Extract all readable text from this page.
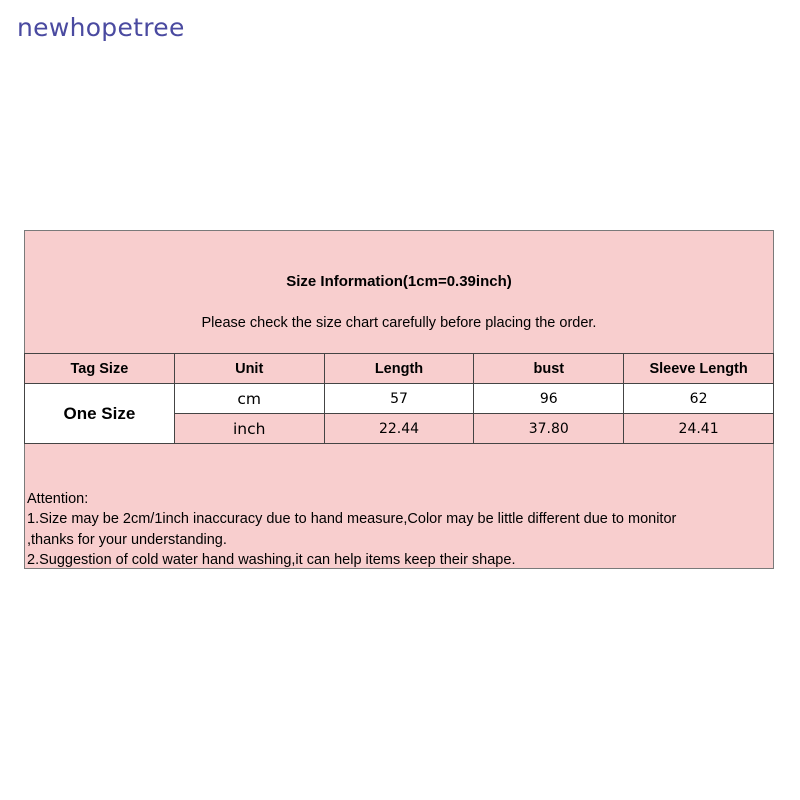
newhopetree
Size Information(1cm=0.39inch)
Please check the size chart carefully before placing the order.
Tag Size	Unit	Length	bust	Sleeve Length
One Size	cm	57	96	62
	inch	22.44	37.80	24.41
Attention:
1.Size may be 2cm/1inch inaccuracy due to hand measure,Color may be little different due to monitor
,thanks for your understanding.
2.Suggestion of cold water hand washing,it can help items keep their shape.
